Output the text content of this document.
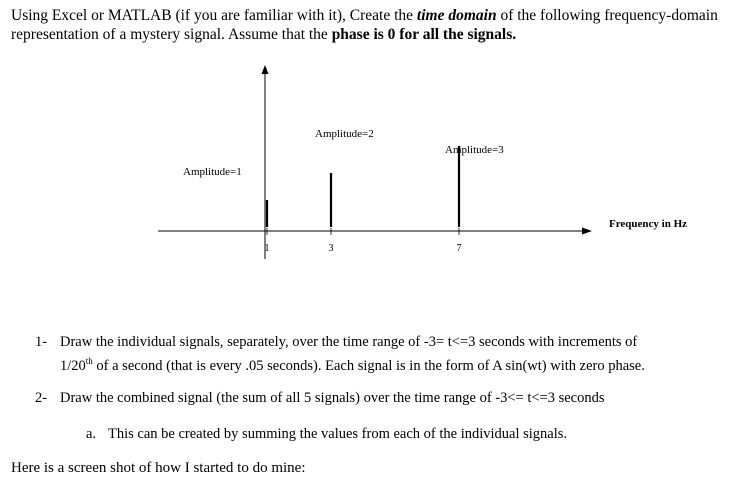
Using Excel or MATLAB (if you are familiar with it), Create the time domain of the following frequency-domain representation of a mystery signal. Assume that the phase is 0 for all the signals.
Frequency in Hz
1
Amplitude=1
3
Amplitude=2
7
Amplitude=3
1- Draw the individual signals, separately, over the time range of -3= t<=3 seconds with increments of
1/20th of a second (that is every .05 seconds). Each signal is in the form of A sin(wt) with zero phase.
2- Draw the combined signal (the sum of all 5 signals) over the time range of -3<= t<=3 seconds
a. This can be created by summing the values from each of the individual signals.
Here is a screen shot of how I started to do mine:
